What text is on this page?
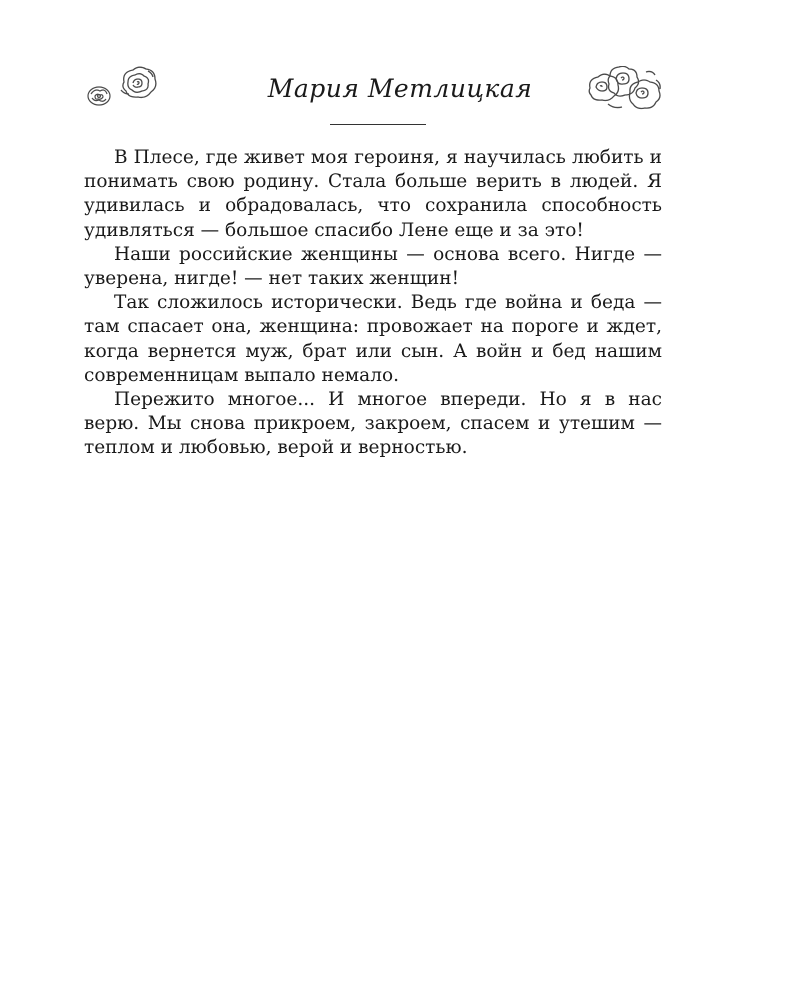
Мария Метлицкая

В Плесе, где живет моя героиня, я научилась любить и понимать свою родину. Стала больше верить в людей. Я удивилась и обрадовалась, что сохранила способность удивляться — большое спасибо Лене еще и за это!

Наши российские женщины — основа всего. Нигде — уверена, нигде! — нет таких женщин!

Так сложилось исторически. Ведь где война и беда — там спасает она, женщина: провожает на пороге и ждет, когда вернется муж, брат или сын. А войн и бед нашим современницам выпало немало.

Пережито многое... И многое впереди. Но я в нас верю. Мы снова прикроем, закроем, спасем и утешим — теплом и любовью, верой и верностью.
